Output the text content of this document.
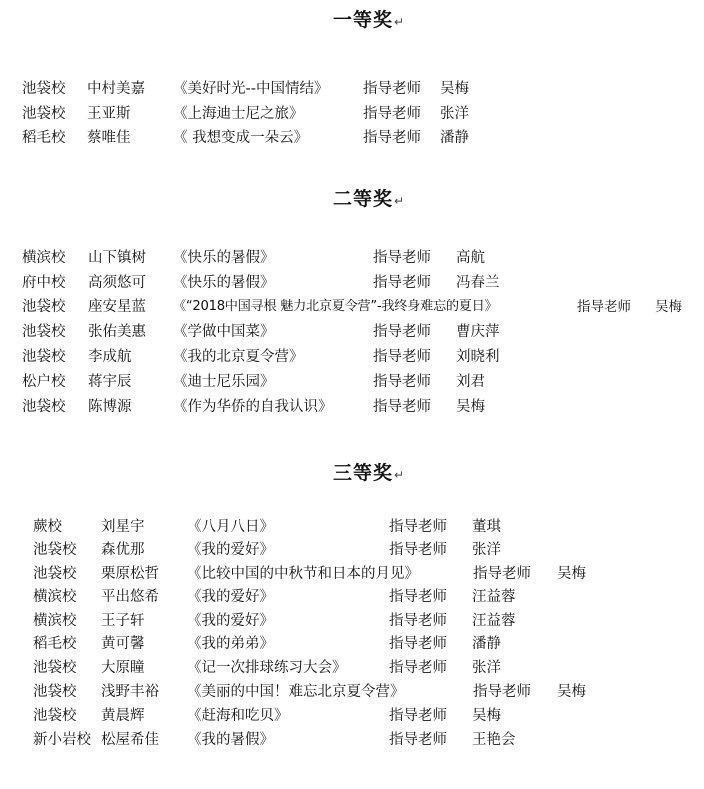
一等奖↵
池袋校 中村美嘉 《美好时光--中国情结》 指导老师 吴梅
池袋校 王亚斯	《上海迪士尼之旅》	指导老师 张洋
稻毛校 蔡唯佳	《 我想变成一朵云》	指导老师 潘静
二等奖↵
横滨校 山下镇树 《快乐的暑假》	指导老师 高航
府中校 高须悠可 《快乐的暑假》	指导老师 冯春兰
池袋校 座安星蓝 《“2018中国寻根 魅力北京夏令营”-我终身难忘的夏日》	指导老师 吴梅
池袋校 张佑美惠 《学做中国菜》	指导老师 曹庆萍
池袋校 李成航	《我的北京夏令营》	指导老师 刘晓利
松户校 蒋宇辰	《迪士尼乐园》	指导老师 刘君
池袋校 陈博源	《作为华侨的自我认识》	指导老师 吴梅
三等奖↵
蕨校	刘星宇	《八月八日》	指导老师 董琪
池袋校 森优那	《我的爱好》	指导老师 张洋
池袋校 栗原松哲 《比较中国的中秋节和日本的月见》	指导老师 吴梅
横滨校 平出悠希 《我的爱好》	指导老师 汪益蓉
横滨校 王子轩	《我的爱好》	指导老师 汪益蓉
稻毛校 黄可馨	《我的弟弟》	指导老师 潘静
池袋校 大原瞳	《记一次排球练习大会》	指导老师 张洋
池袋校 浅野丰裕 《美丽的中国！难忘北京夏令营》	指导老师 吴梅
池袋校 黄晨辉	《赶海和吃贝》	指导老师 吴梅
新小岩校 松屋希佳 《我的暑假》	指导老师 王艳会
